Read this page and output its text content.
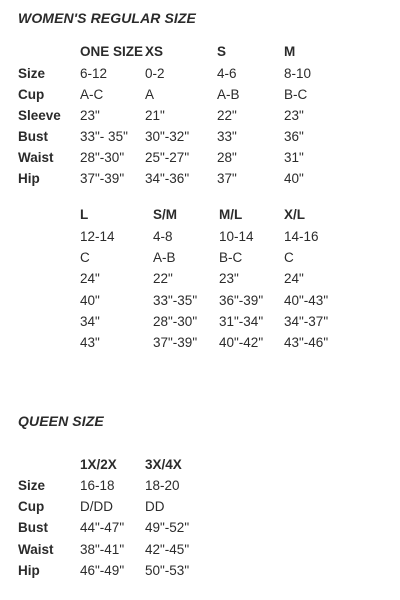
WOMEN'S REGULAR SIZE
ONE SIZE XS	S	M
Size	6-12	0-2	4-6	8-10
Cup	A-C	A	A-B	B-C
Sleeve 23"	21"	22"	23"
Bust 33"- 35" 30"-32" 33"	36"
Waist 28"-30" 25"-27" 28"	31"
Hip	37"-39" 34"-36" 37"	40"
L	S/M	M/L	X/L
12-14	4-8	10-14 14-16
C	A-B	B-C	C
24"	22"	23"	24"
40"	33"-35" 36"-39" 40"-43"
34"	28"-30" 31"-34" 34"-37"
43"	37"-39" 40"-42" 43"-46"
QUEEN SIZE
1X/2X 3X/4X
Size	16-18 18-20
Cup	D/DD DD
Bust 44"-47" 49"-52"
Waist 38"-41" 42"-45"
Hip	46"-49" 50"-53"
